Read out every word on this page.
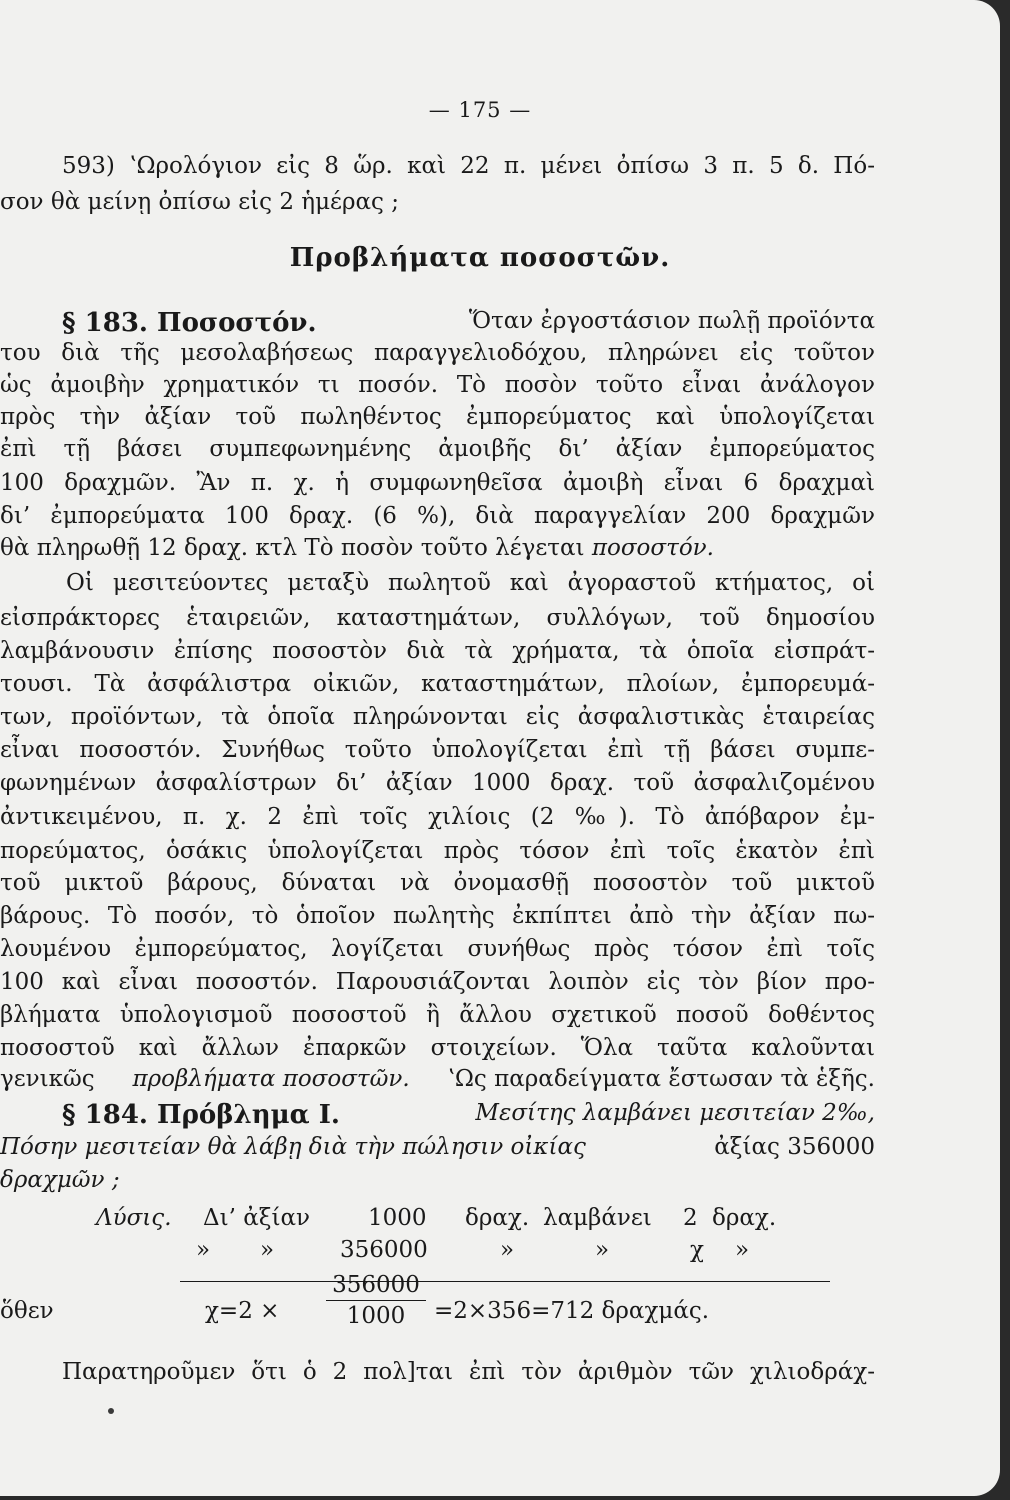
— 175 —
593) ʽΩρολόγιον εἰς 8 ὥρ. καὶ 22 π. μένει ὀπίσω 3 π. 5 δ. Πό-
σον θὰ μείνῃ ὀπίσω εἰς 2 ἡμέρας ;
Προβλήματα ποσοστῶν.
§ 183. Ποσοστόν.	Ὅταν ἐργοστάσιον πωλῇ προϊόντα
του διὰ τῆς μεσολαβήσεως παραγγελιοδόχου, πληρώνει εἰς τοῦτον
ὡς ἀμοιβὴν χρηματικόν τι ποσόν. Τὸ ποσὸν τοῦτο εἶναι ἀνάλογον
πρὸς τὴν ἀξίαν τοῦ πωληθέντος ἐμπορεύματος καὶ ὑπολογίζεται
ἐπὶ τῇ βάσει συμπεφωνημένης ἀμοιβῆς δι’ ἀξίαν ἐμπορεύματος
100 δραχμῶν. Ἂν π. χ. ἡ συμφωνηθεῖσα ἀμοιβὴ εἶναι 6 δραχμαὶ
δι’ ἐμπορεύματα 100 δραχ. (6 %), διὰ παραγγελίαν 200 δραχμῶν
θὰ πληρωθῇ 12 δραχ. κτλ Τὸ ποσὸν τοῦτο λέγεται ποσοστόν.
Οἱ μεσιτεύοντες μεταξὺ πωλητοῦ καὶ ἀγοραστοῦ κτήματος, οἱ
εἰσπράκτορες ἑταιρειῶν, καταστημάτων, συλλόγων, τοῦ δημοσίου
λαμβάνουσιν ἐπίσης ποσοστὸν διὰ τὰ χρήματα, τὰ ὁποῖα εἰσπράτ-
τουσι. Τὰ ἀσφάλιστρα οἰκιῶν, καταστημάτων, πλοίων, ἐμπορευμά-
των, προϊόντων, τὰ ὁποῖα πληρώνονται εἰς ἀσφαλιστικὰς ἑταιρείας
εἶναι ποσοστόν. Συνήθως τοῦτο ὑπολογίζεται ἐπὶ τῇ βάσει συμπε-
φωνημένων ἀσφαλίστρων δι’ ἀξίαν 1000 δραχ. τοῦ ἀσφαλιζομένου
ἀντικειμένου, π. χ. 2 ἐπὶ τοῖς χιλίοις (2 ‰). Τὸ ἀπόβαρον ἐμ-
πορεύματος, ὁσάκις ὑπολογίζεται πρὸς τόσον ἐπὶ τοῖς ἑκατὸν ἐπὶ
τοῦ μικτοῦ βάρους, δύναται νὰ ὀνομασθῇ ποσοστὸν τοῦ μικτοῦ
βάρους. Τὸ ποσόν, τὸ ὁποῖον πωλητὴς ἐκπίπτει ἀπὸ τὴν ἀξίαν πω-
λουμένου ἐμπορεύματος, λογίζεται συνήθως πρὸς τόσον ἐπὶ τοῖς
100 καὶ εἶναι ποσοστόν. Παρουσιάζονται λοιπὸν εἰς τὸν βίον προ-
βλήματα ὑπολογισμοῦ ποσοστοῦ ἢ ἄλλου σχετικοῦ ποσοῦ δοθέντος
ποσοστοῦ καὶ ἄλλων ἐπαρκῶν στοιχείων. Ὅλα ταῦτα καλοῦνται
γενικῶς προβλήματα ποσοστῶν. ʽΩς παραδείγματα ἔστωσαν τὰ ἑξῆς.
§ 184. Πρόβλημα I.	Μεσίτης λαμβάνει μεσιτείαν 2‰,
Πόσην μεσιτείαν θὰ λάβῃ διὰ τὴν πώλησιν οἰκίας	ἀξίας 356000
δραχμῶν ;
Λύσις. Δι’ ἀξίαν	1000 δραχ. λαμβάνει 2 δραχ.
» »	356000	»	»	χ »
ὅθεν	$\chi=2 \times \frac{356000}{1000} =2\times 356=712$ δραχμάς.
Παρατηροῦμεν ὅτι ὁ 2 πολ]ται ἐπὶ τὸν ἀριθμὸν τῶν χιλιοδράχ-
